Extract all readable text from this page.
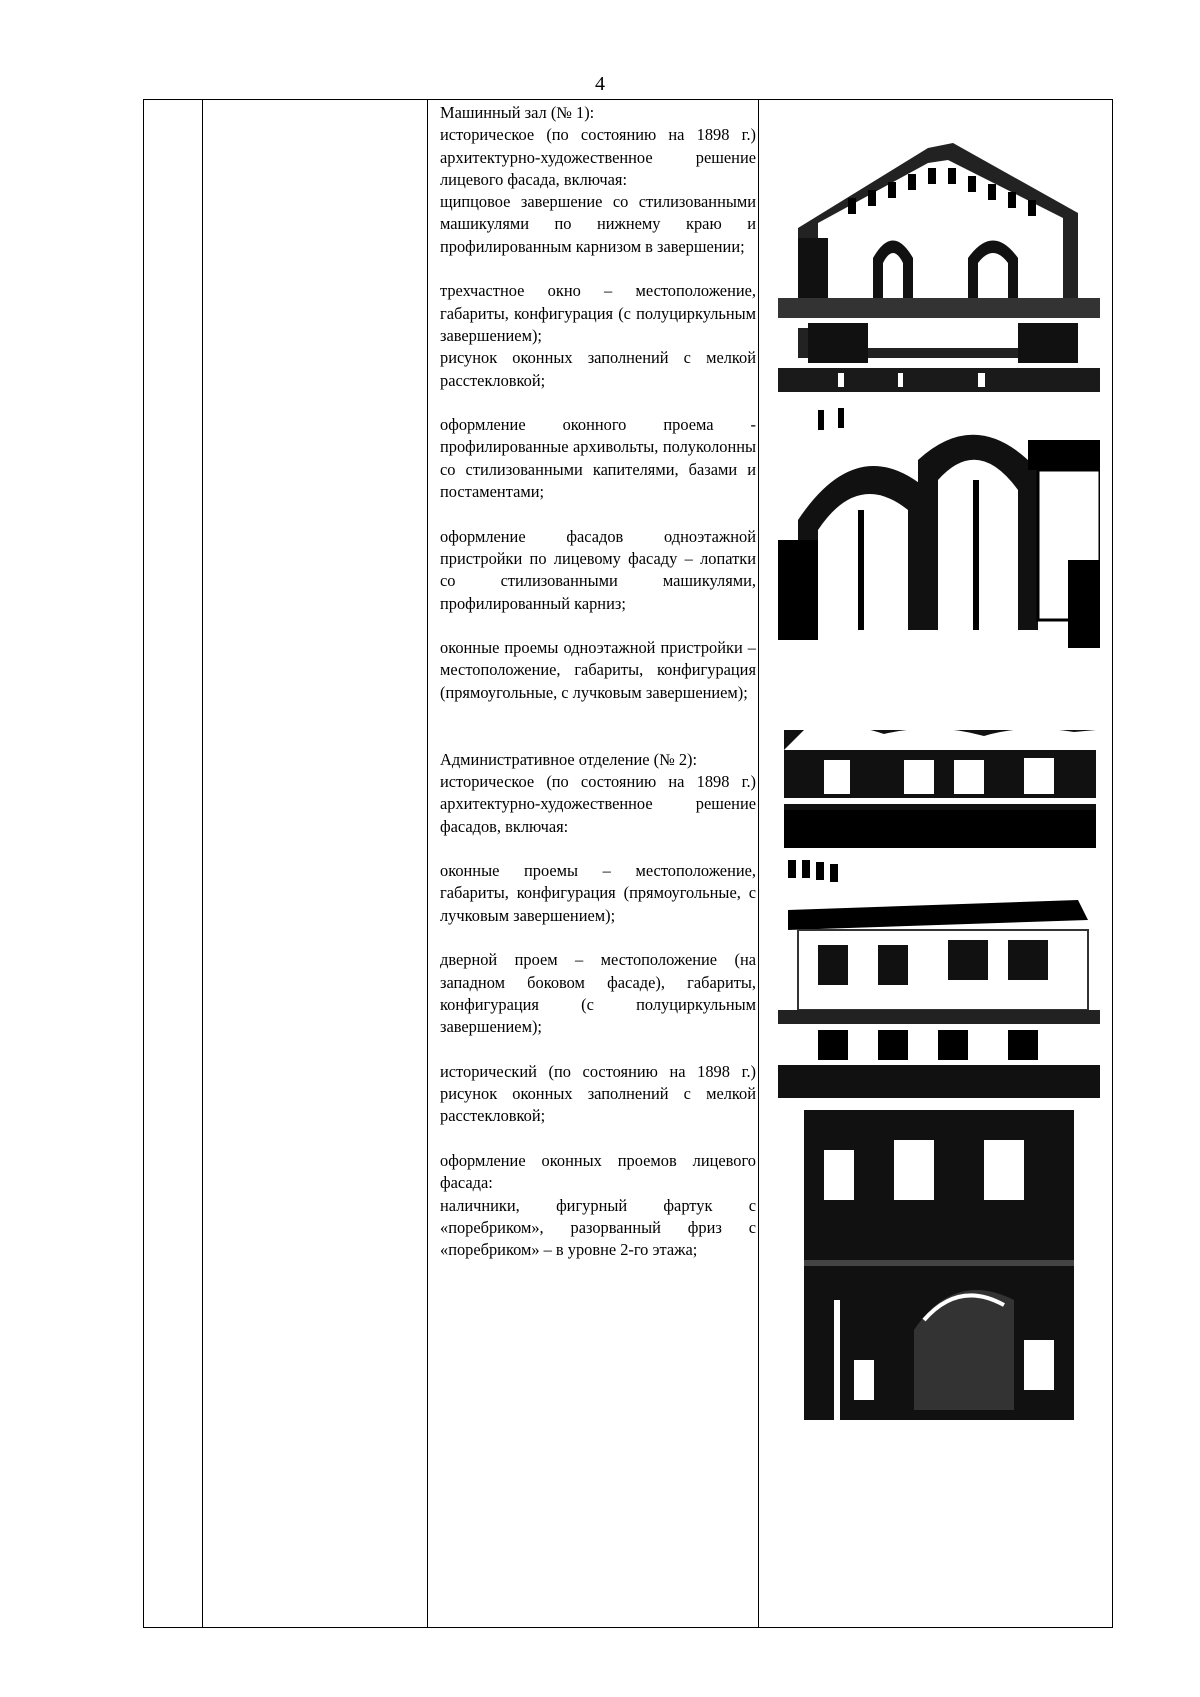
4

Машинный зал (№ 1):

историческое (по состоянию на 1898 г.) архитектурно-художественное решение лицевого фасада, включая:

щипцовое завершение со стилизованными машикулями по нижнему краю и профилированным карнизом в завершении;

трехчастное окно – местоположение, габариты, конфигурация (с полуциркульным завершением);

рисунок оконных заполнений с мелкой расстекловкой;

оформление оконного проема - профилированные архивольты, полуколонны со стилизованными капителями, базами и постаментами;

оформление фасадов одноэтажной пристройки по лицевому фасаду – лопатки со стилизованными машикулями, профилированный карниз;

оконные проемы одноэтажной пристройки – местоположение, габариты, конфигурация (прямоугольные, с лучковым завершением);

Административное отделение (№ 2):

историческое (по состоянию на 1898 г.) архитектурно-художественное решение фасадов, включая:

оконные проемы – местоположение, габариты, конфигурация (прямоугольные, с лучковым завершением);

дверной проем – местоположение (на западном боковом фасаде), габариты, конфигурация (с полуциркульным завершением);

исторический (по состоянию на 1898 г.) рисунок оконных заполнений с мелкой расстекловкой;

оформление оконных проемов лицевого фасада:

наличники, фигурный фартук с «поребриком», разорванный фриз с «поребриком» – в уровне 2-го этажа;
